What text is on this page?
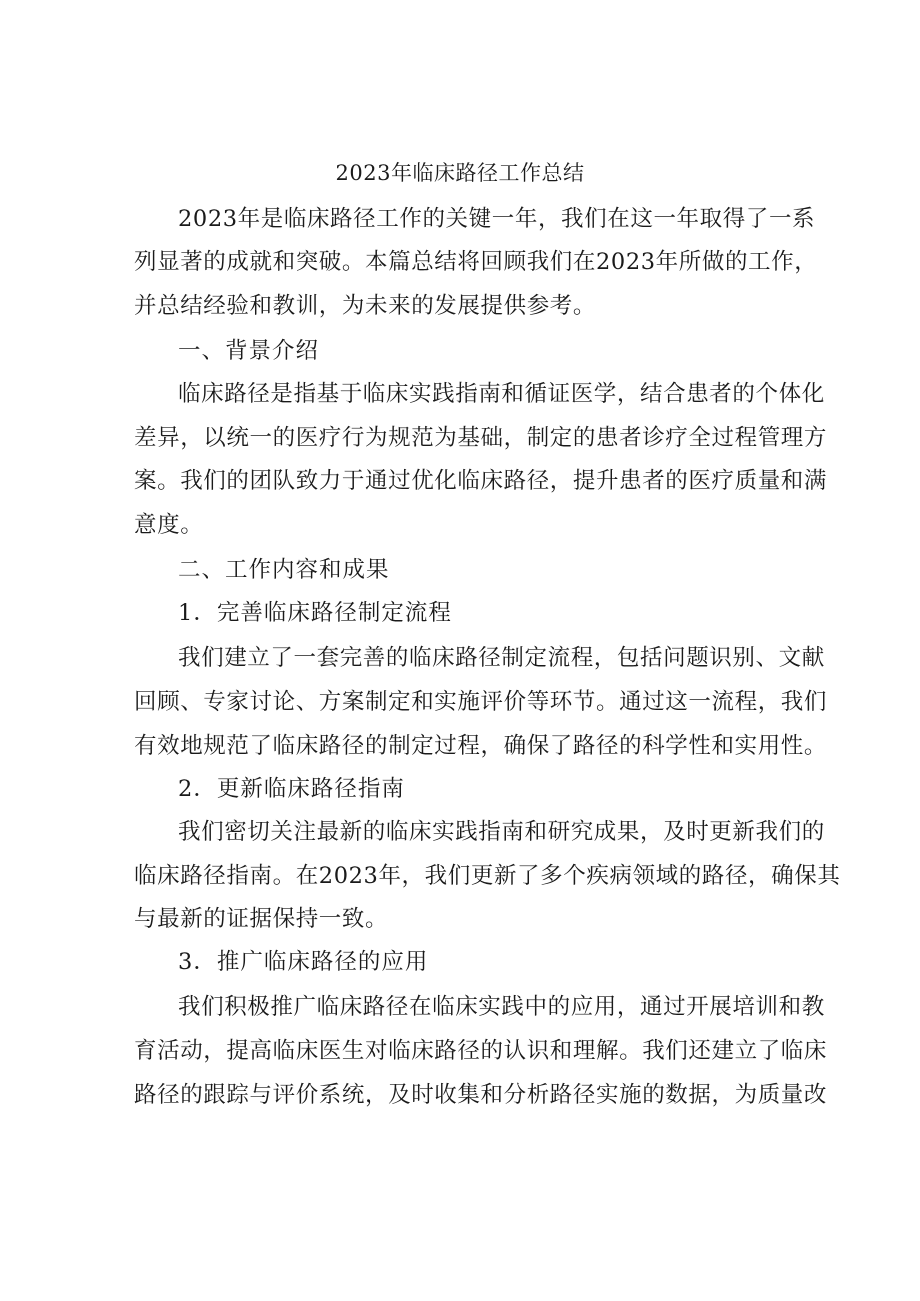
2023年临床路径工作总结

2023年是临床路径工作的关键一年，我们在这一年取得了一系

列显著的成就和突破。本篇总结将回顾我们在2023年所做的工作，

并总结经验和教训，为未来的发展提供参考。

一、背景介绍

临床路径是指基于临床实践指南和循证医学，结合患者的个体化

差异，以统一的医疗行为规范为基础，制定的患者诊疗全过程管理方

案。我们的团队致力于通过优化临床路径，提升患者的医疗质量和满

意度。

二、工作内容和成果

1．完善临床路径制定流程

我们建立了一套完善的临床路径制定流程，包括问题识别、文献

回顾、专家讨论、方案制定和实施评价等环节。通过这一流程，我们

有效地规范了临床路径的制定过程，确保了路径的科学性和实用性。

2．更新临床路径指南

我们密切关注最新的临床实践指南和研究成果，及时更新我们的

临床路径指南。在2023年，我们更新了多个疾病领域的路径，确保其

与最新的证据保持一致。

3．推广临床路径的应用

我们积极推广临床路径在临床实践中的应用，通过开展培训和教

育活动，提高临床医生对临床路径的认识和理解。我们还建立了临床

路径的跟踪与评价系统，及时收集和分析路径实施的数据，为质量改
